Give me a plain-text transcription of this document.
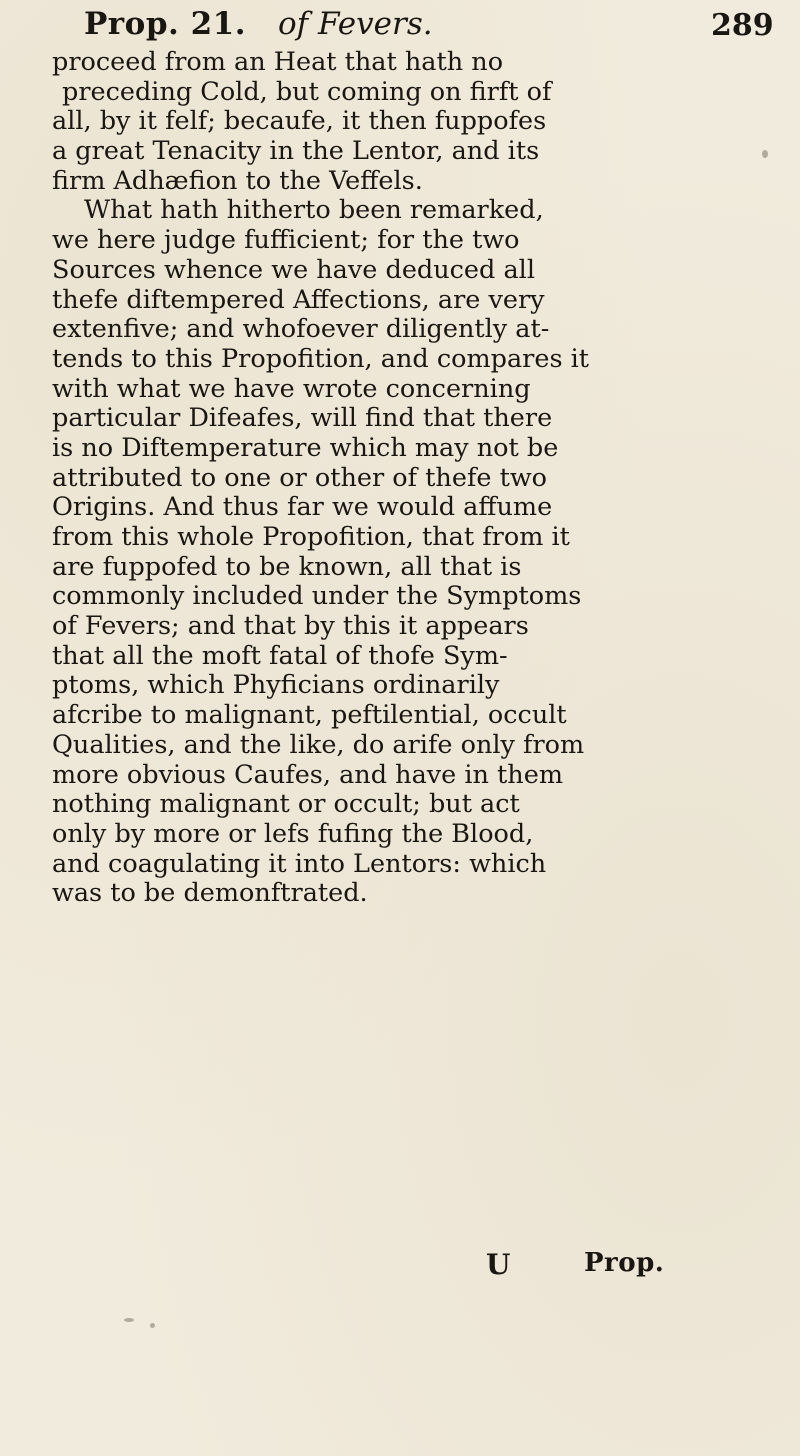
Prop. 21. of Fevers.	289
proceed from an Heat that hath no
preceding Cold, but coming on firft of
all, by it felf; becaufe, it then fuppofes
a great Tenacity in the Lentor, and its
firm Adhæfion to the Veffels.
What hath hitherto been remarked,
we here judge fufficient; for the two
Sources whence we have deduced all
thefe diftempered Affections, are very
extenfive; and whofoever diligently at-
tends to this Propofition, and compares it
with what we have wrote concerning
particular Difeafes, will find that there
is no Diftemperature which may not be
attributed to one or other of thefe two
Origins. And thus far we would affume
from this whole Propofition, that from it
are fuppofed to be known, all that is
commonly included under the Symptoms
of Fevers; and that by this it appears
that all the moft fatal of thofe Sym-
ptoms, which Phyficians ordinarily
afcribe to malignant, peftilential, occult
Qualities, and the like, do arife only from
more obvious Caufes, and have in them
nothing malignant or occult; but act
only by more or lefs fufing the Blood,
and coagulating it into Lentors: which
was to be demonftrated.
U	Prop.
